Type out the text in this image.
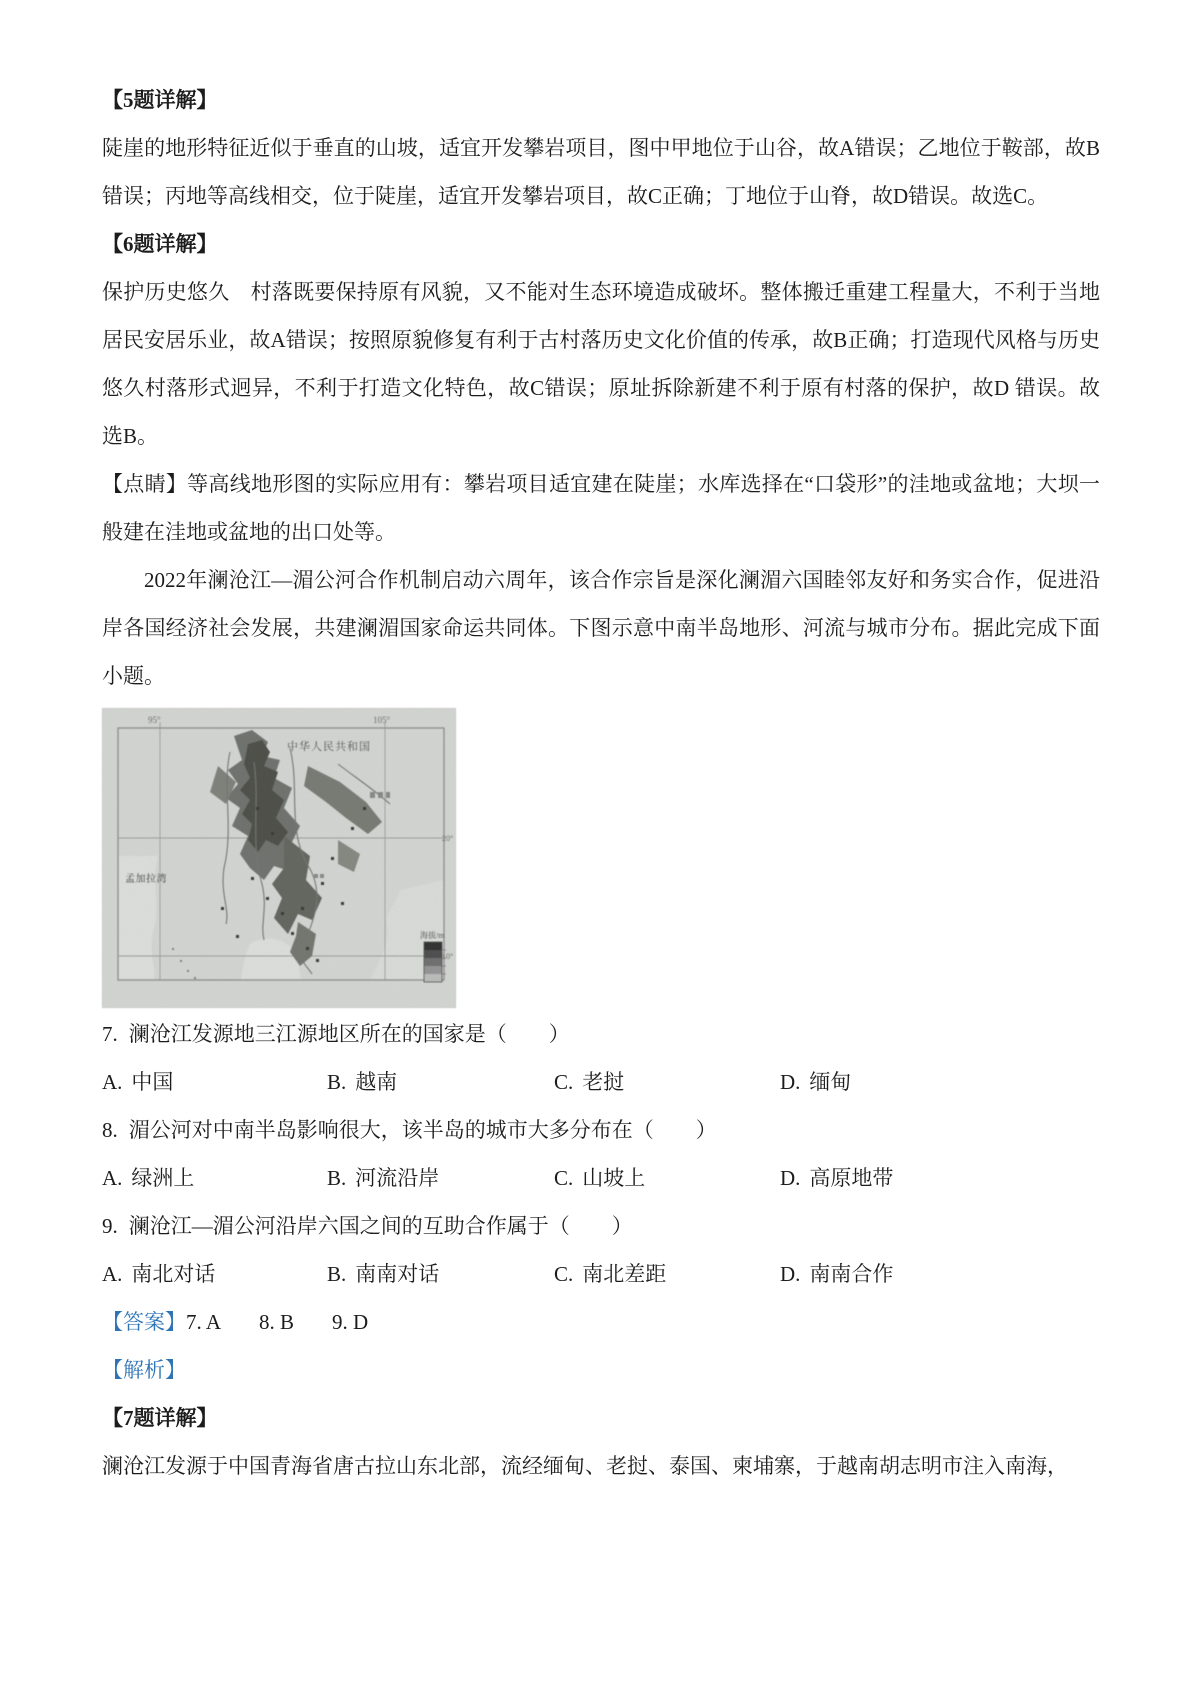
【5题详解】

陡崖的地形特征近似于垂直的山坡，适宜开发攀岩项目，图中甲地位于山谷，故A错误；乙地位于鞍部，故B 错误；丙地等高线相交，位于陡崖，适宜开发攀岩项目，故C正确；丁地位于山脊，故D错误。故选C。

【6题详解】

保护历史悠久　村落既要保持原有风貌，又不能对生态环境造成破坏。整体搬迁重建工程量大，不利于当地居民安居乐业，故A错误；按照原貌修复有利于古村落历史文化价值的传承，故B正确；打造现代风格与历史悠久村落形式迥异，不利于打造文化特色，故C错误；原址拆除新建不利于原有村落的保护，故D 错误。故选B。

【点睛】等高线地形图的实际应用有：攀岩项目适宜建在陡崖；水库选择在“口袋形”的洼地或盆地；大坝一般建在洼地或盆地的出口处等。

2022年澜沧江—湄公河合作机制启动六周年，该合作宗旨是深化澜湄六国睦邻友好和务实合作，促进沿岸各国经济社会发展，共建澜湄国家命运共同体。下图示意中南半岛地形、河流与城市分布。据此完成下面小题。

中华人民共和国
孟加拉湾
95°	105°
20°
10°
海拔/m

7. 澜沧江发源地三江源地区所在的国家是（　　）

A. 中国	B. 越南	C. 老挝	D. 缅甸

8. 湄公河对中南半岛影响很大，该半岛的城市大多分布在（　　）

A. 绿洲上	B. 河流沿岸	C. 山坡上	D. 高原地带

9. 澜沧江—湄公河沿岸六国之间的互助合作属于（　　）

A. 南北对话	B. 南南对话	C. 南北差距	D. 南南合作

【答案】 7. A 8. B 9. D

【解析】

【7题详解】

澜沧江发源于中国青海省唐古拉山东北部，流经缅甸、老挝、泰国、柬埔寨，于越南胡志明市注入南海，
